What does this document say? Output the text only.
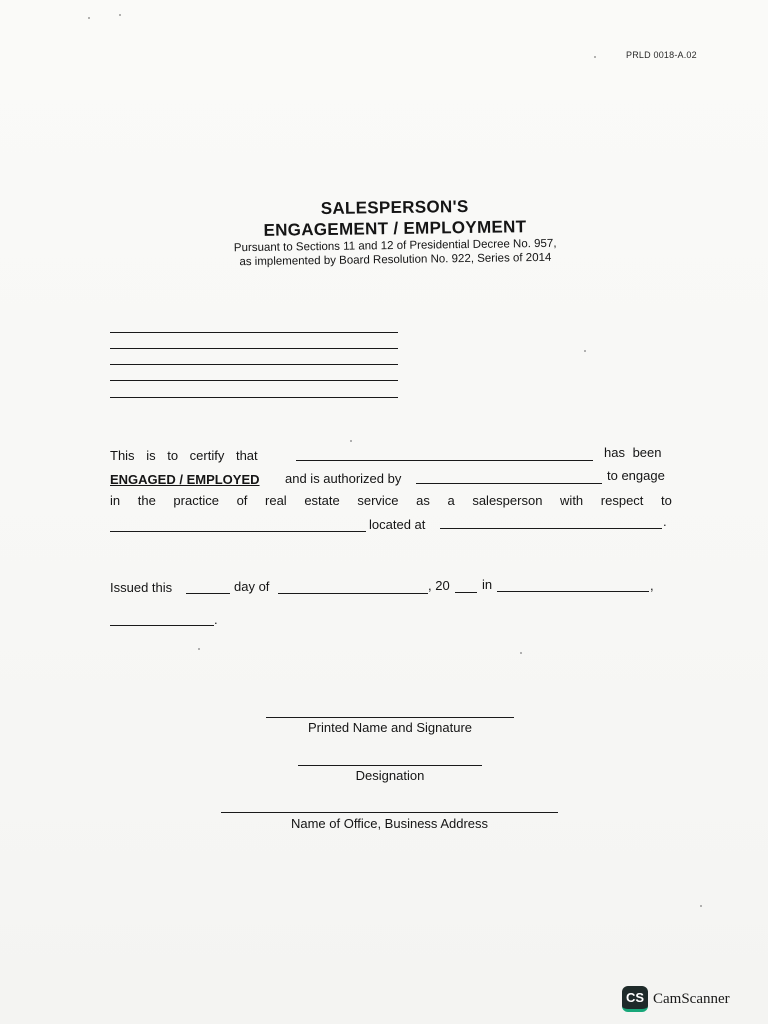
PRLD 0018-A.02
SALESPERSON'S
ENGAGEMENT / EMPLOYMENT
Pursuant to Sections 11 and 12 of Presidential Decree No. 957,
as implemented by Board Resolution No. 922, Series of 2014
This is to certify that	has been
ENGAGED / EMPLOYED and is authorized by	to engage
in the practice of real estate service as a salesperson with respect to
located at	.
Issued this	day of	, 20 in	,
.
Printed Name and Signature
Designation
Name of Office, Business Address
CS CamScanner
